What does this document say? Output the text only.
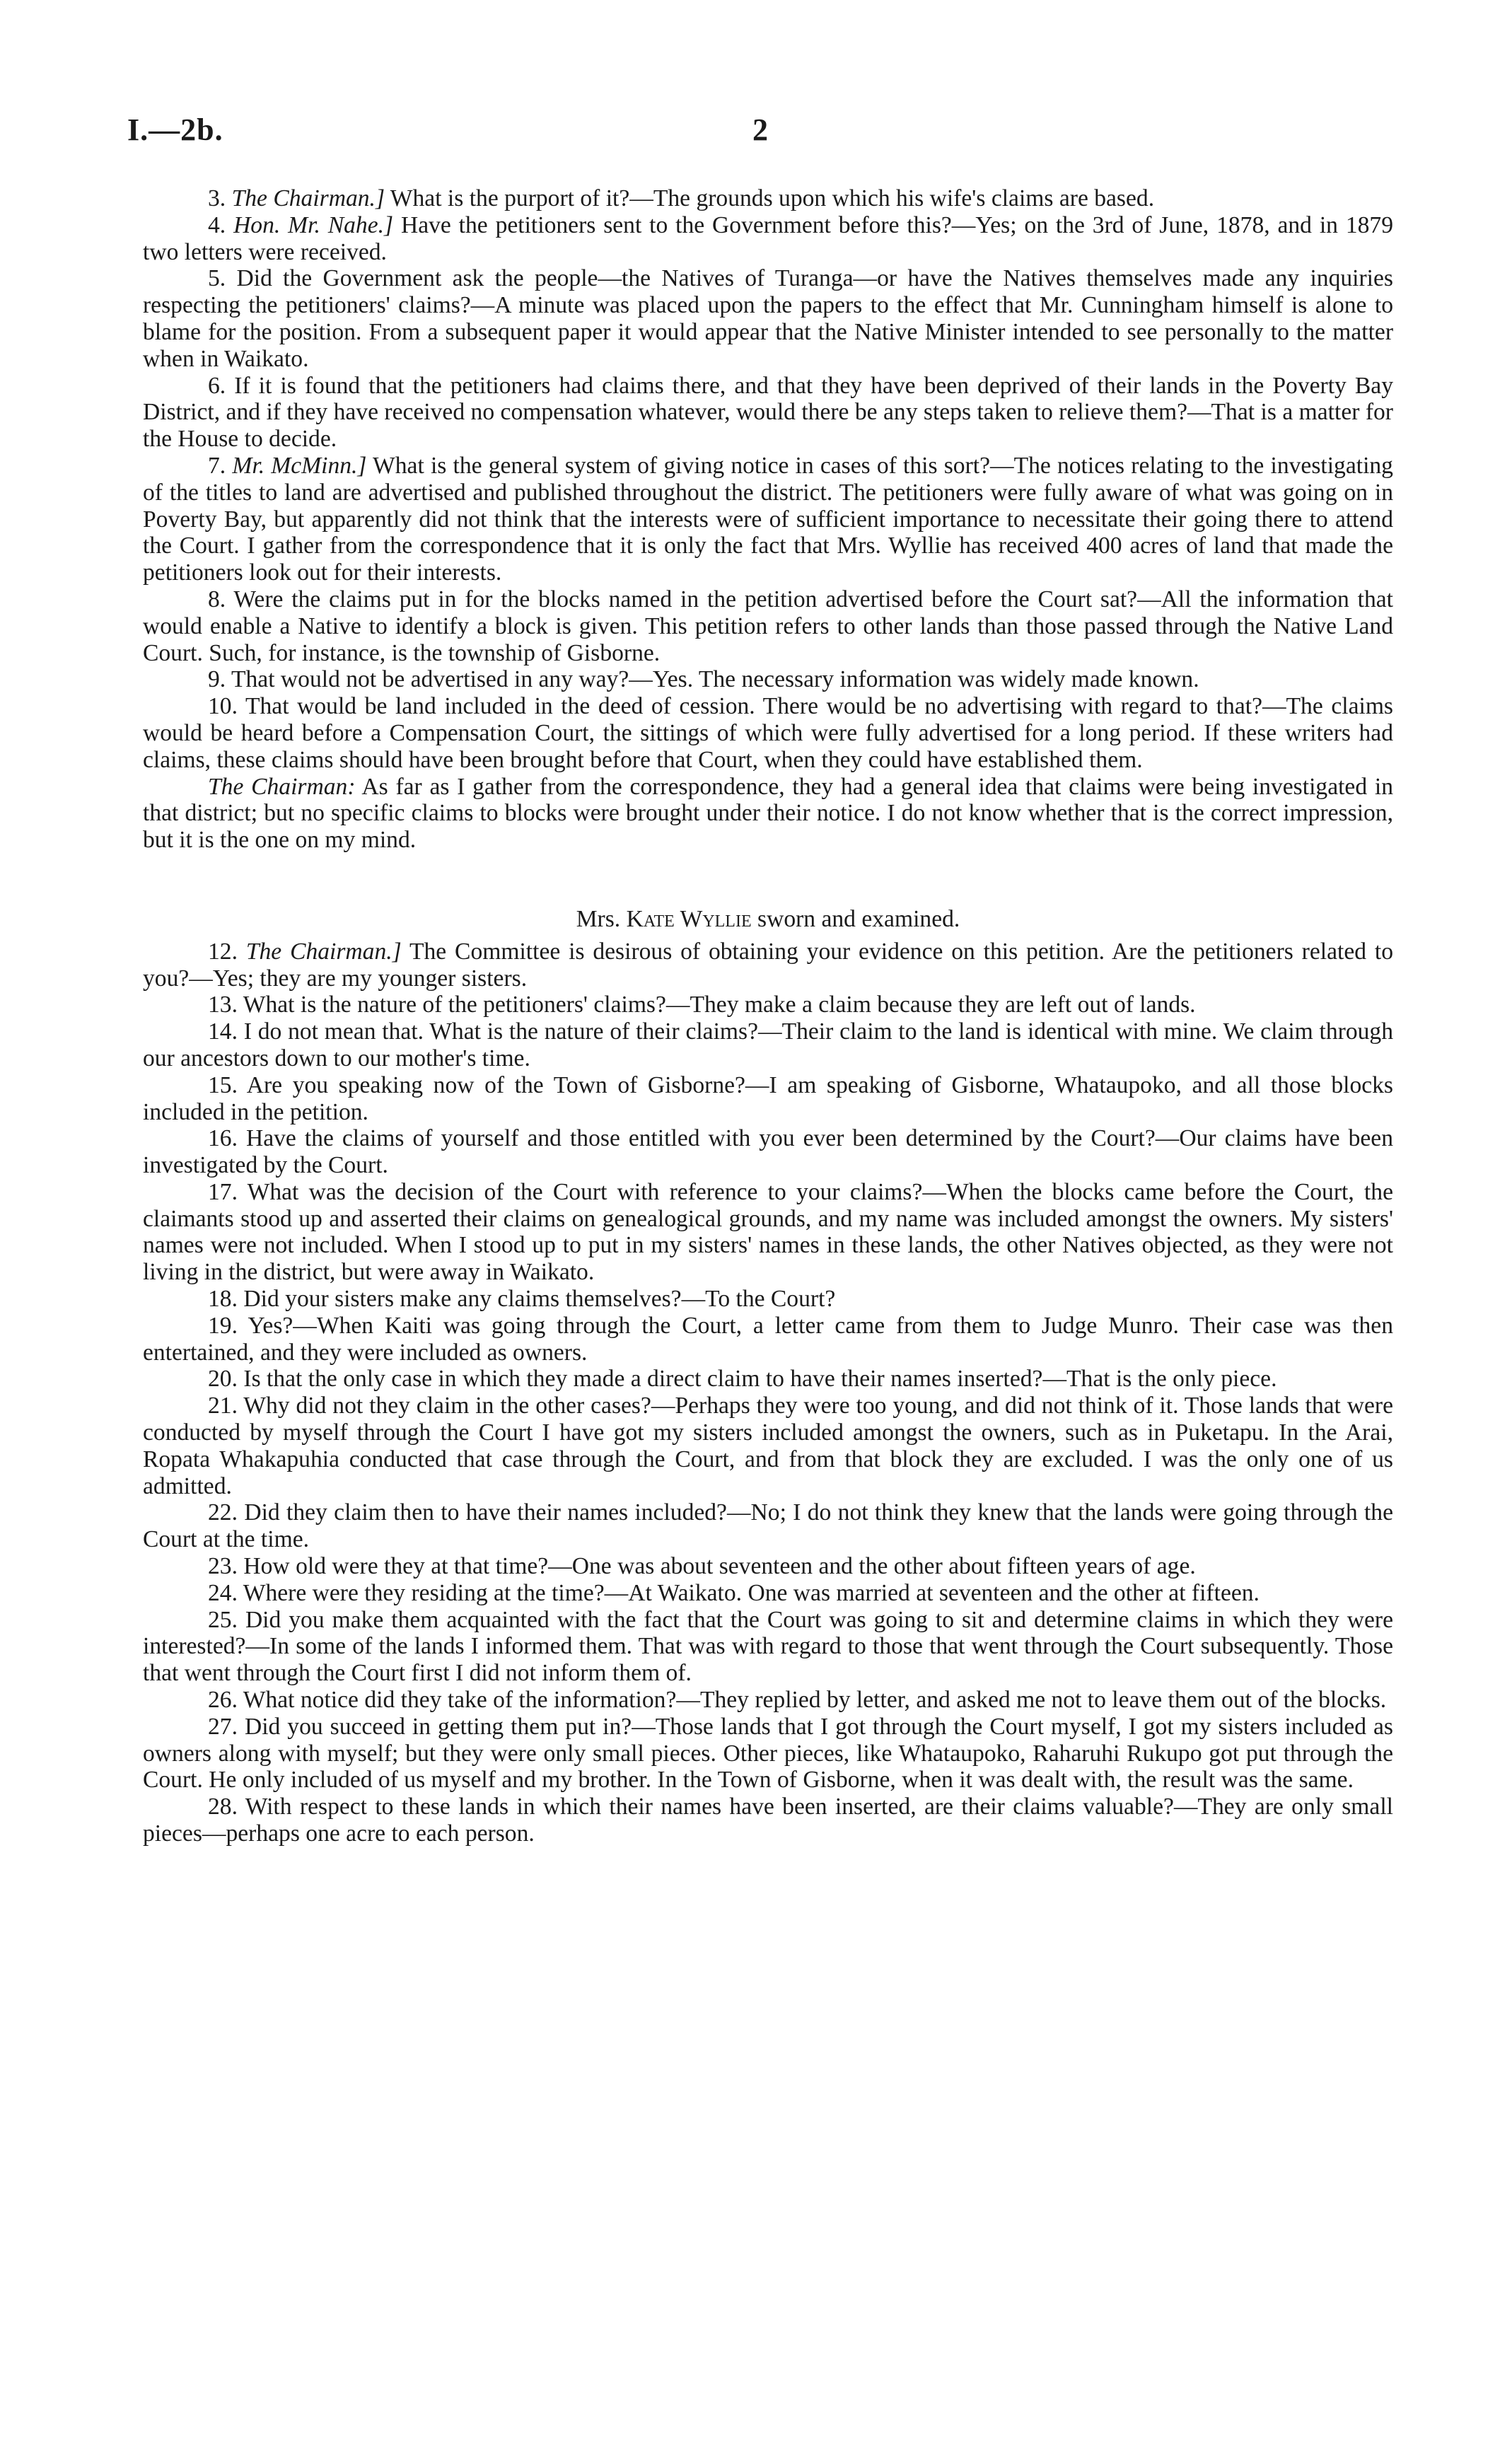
I.—2b.	2

3. The Chairman.] What is the purport of it?—The grounds upon which his wife's claims are based.

4. Hon. Mr. Nahe.] Have the petitioners sent to the Government before this?—Yes; on the 3rd of June, 1878, and in 1879 two letters were received.

5. Did the Government ask the people—the Natives of Turanga—or have the Natives themselves made any inquiries respecting the petitioners' claims?—A minute was placed upon the papers to the effect that Mr. Cunningham himself is alone to blame for the position. From a subsequent paper it would appear that the Native Minister intended to see personally to the matter when in Waikato.

6. If it is found that the petitioners had claims there, and that they have been deprived of their lands in the Poverty Bay District, and if they have received no compensation whatever, would there be any steps taken to relieve them?—That is a matter for the House to decide.

7. Mr. McMinn.] What is the general system of giving notice in cases of this sort?—The notices relating to the investigating of the titles to land are advertised and published throughout the district. The petitioners were fully aware of what was going on in Poverty Bay, but apparently did not think that the interests were of sufficient importance to necessitate their going there to attend the Court. I gather from the correspondence that it is only the fact that Mrs. Wyllie has received 400 acres of land that made the petitioners look out for their interests.

8. Were the claims put in for the blocks named in the petition advertised before the Court sat?—All the information that would enable a Native to identify a block is given. This petition refers to other lands than those passed through the Native Land Court. Such, for instance, is the township of Gisborne.

9. That would not be advertised in any way?—Yes. The necessary information was widely made known.

10. That would be land included in the deed of cession. There would be no advertising with regard to that?—The claims would be heard before a Compensation Court, the sittings of which were fully advertised for a long period. If these writers had claims, these claims should have been brought before that Court, when they could have established them.

The Chairman: As far as I gather from the correspondence, they had a general idea that claims were being investigated in that district; but no specific claims to blocks were brought under their notice. I do not know whether that is the correct impression, but it is the one on my mind.

Mrs. Kate Wyllie sworn and examined.

12. The Chairman.] The Committee is desirous of obtaining your evidence on this petition. Are the petitioners related to you?—Yes; they are my younger sisters.

13. What is the nature of the petitioners' claims?—They make a claim because they are left out of lands.

14. I do not mean that. What is the nature of their claims?—Their claim to the land is identical with mine. We claim through our ancestors down to our mother's time.

15. Are you speaking now of the Town of Gisborne?—I am speaking of Gisborne, Whataupoko, and all those blocks included in the petition.

16. Have the claims of yourself and those entitled with you ever been determined by the Court?—Our claims have been investigated by the Court.

17. What was the decision of the Court with reference to your claims?—When the blocks came before the Court, the claimants stood up and asserted their claims on genealogical grounds, and my name was included amongst the owners. My sisters' names were not included. When I stood up to put in my sisters' names in these lands, the other Natives objected, as they were not living in the district, but were away in Waikato.

18. Did your sisters make any claims themselves?—To the Court?

19. Yes?—When Kaiti was going through the Court, a letter came from them to Judge Munro. Their case was then entertained, and they were included as owners.

20. Is that the only case in which they made a direct claim to have their names inserted?—That is the only piece.

21. Why did not they claim in the other cases?—Perhaps they were too young, and did not think of it. Those lands that were conducted by myself through the Court I have got my sisters included amongst the owners, such as in Puketapu. In the Arai, Ropata Whakapuhia conducted that case through the Court, and from that block they are excluded. I was the only one of us admitted.

22. Did they claim then to have their names included?—No; I do not think they knew that the lands were going through the Court at the time.

23. How old were they at that time?—One was about seventeen and the other about fifteen years of age.

24. Where were they residing at the time?—At Waikato. One was married at seventeen and the other at fifteen.

25. Did you make them acquainted with the fact that the Court was going to sit and determine claims in which they were interested?—In some of the lands I informed them. That was with regard to those that went through the Court subsequently. Those that went through the Court first I did not inform them of.

26. What notice did they take of the information?—They replied by letter, and asked me not to leave them out of the blocks.

27. Did you succeed in getting them put in?—Those lands that I got through the Court myself, I got my sisters included as owners along with myself; but they were only small pieces. Other pieces, like Whataupoko, Raharuhi Rukupo got put through the Court. He only included of us myself and my brother. In the Town of Gisborne, when it was dealt with, the result was the same.

28. With respect to these lands in which their names have been inserted, are their claims valuable?—They are only small pieces—perhaps one acre to each person.
